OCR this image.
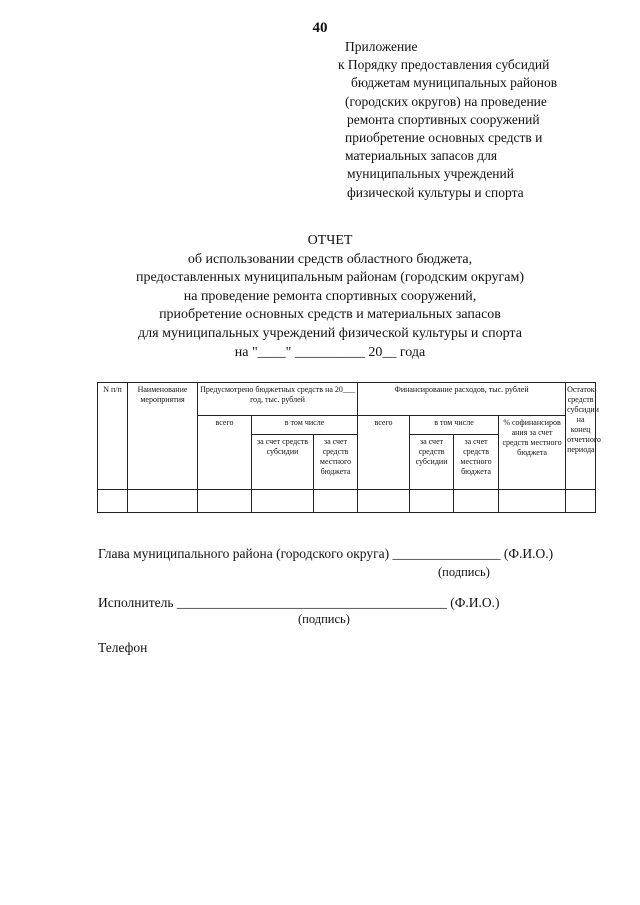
40
Приложение
к Порядку предоставления субсидий
бюджетам муниципальных районов
(городских округов) на проведение
ремонта спортивных сооружений
приобретение основных средств и
материальных запасов для
муниципальных учреждений
физической культуры и спорта
ОТЧЕТ
об использовании средств областного бюджета,
предоставленных муниципальным районам (городским округам)
на проведение ремонта спортивных сооружений,
приобретение основных средств и материальных запасов
для муниципальных учреждений физической культуры и спорта
на "____" __________ 20__ года
N п/п	Наименование мероприятия	Предусмотрено бюджетных средств на 20___ год, тыс. рублей			Финансирование расходов, тыс. рублей				Остаток средств субсидии на конец отчетного периода
		всего	в том числе		всего	в том числе		% софинансиров ания за счет средств местного бюджета	
			за счет средств субсидии	за счет средств местного бюджета		за счет средств субсидии	за счет средств местного бюджета		

Глава муниципального района (городского округа) ________________ (Ф.И.О.)
(подпись)
Исполнитель ________________________________________ (Ф.И.О.)
(подпись)
Телефон
